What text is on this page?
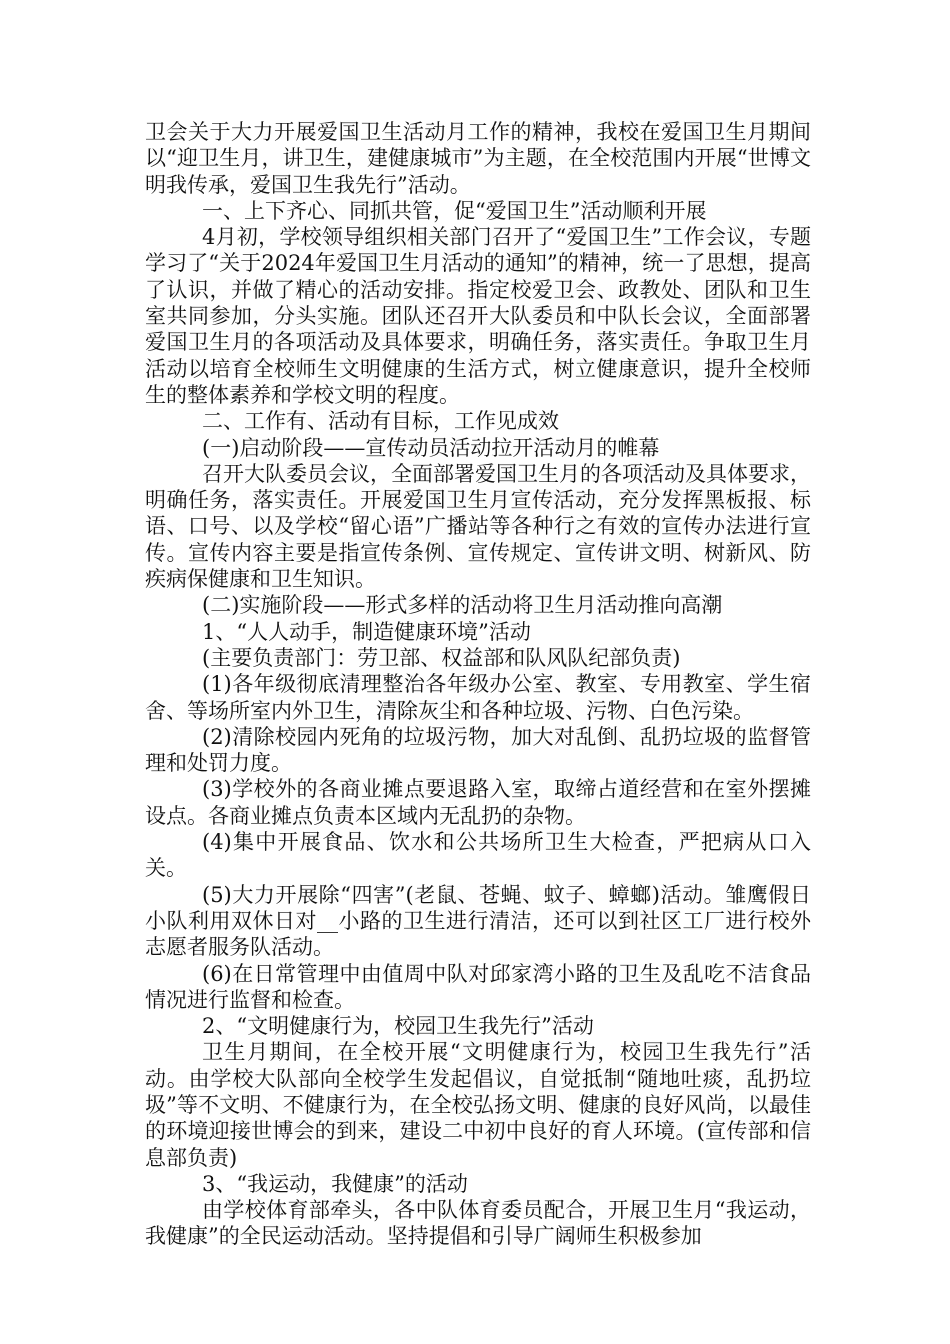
卫会关于大力开展爱国卫生活动月工作的精神，我校在爱国卫生月期间以“迎卫生月，讲卫生，建健康城市”为主题，在全校范围内开展“世博文明我传承，爱国卫生我先行”活动。

一、上下齐心、同抓共管，促“爱国卫生”活动顺利开展

4月初，学校领导组织相关部门召开了“爱国卫生”工作会议，专题学习了“关于2024年爱国卫生月活动的通知”的精神，统一了思想，提高了认识，并做了精心的活动安排。指定校爱卫会、政教处、团队和卫生室共同参加，分头实施。团队还召开大队委员和中队长会议，全面部署爱国卫生月的各项活动及具体要求，明确任务，落实责任。争取卫生月活动以培育全校师生文明健康的生活方式，树立健康意识，提升全校师生的整体素养和学校文明的程度。

二、工作有、活动有目标，工作见成效

(一)启动阶段——宣传动员活动拉开活动月的帷幕

召开大队委员会议，全面部署爱国卫生月的各项活动及具体要求，明确任务，落实责任。开展爱国卫生月宣传活动，充分发挥黑板报、标语、口号、以及学校“留心语”广播站等各种行之有效的宣传办法进行宣传。宣传内容主要是指宣传条例、宣传规定、宣传讲文明、树新风、防疾病保健康和卫生知识。

(二)实施阶段——形式多样的活动将卫生月活动推向高潮

1、“人人动手，制造健康环境”活动

(主要负责部门：劳卫部、权益部和队风队纪部负责)

(1)各年级彻底清理整治各年级办公室、教室、专用教室、学生宿舍、等场所室内外卫生，清除灰尘和各种垃圾、污物、白色污染。

(2)清除校园内死角的垃圾污物，加大对乱倒、乱扔垃圾的监督管理和处罚力度。

(3)学校外的各商业摊点要退路入室，取缔占道经营和在室外摆摊设点。各商业摊点负责本区域内无乱扔的杂物。

(4)集中开展食品、饮水和公共场所卫生大检查，严把病从口入关。

(5)大力开展除“四害”(老鼠、苍蝇、蚊子、蟑螂)活动。雏鹰假日小队利用双休日对__小路的卫生进行清洁，还可以到社区工厂进行校外志愿者服务队活动。

(6)在日常管理中由值周中队对邱家湾小路的卫生及乱吃不洁食品情况进行监督和检查。

2、“文明健康行为，校园卫生我先行”活动

卫生月期间，在全校开展“文明健康行为，校园卫生我先行”活动。由学校大队部向全校学生发起倡议，自觉抵制“随地吐痰，乱扔垃圾”等不文明、不健康行为，在全校弘扬文明、健康的良好风尚，以最佳的环境迎接世博会的到来，建设二中初中良好的育人环境。(宣传部和信息部负责)

3、“我运动，我健康”的活动

由学校体育部牵头，各中队体育委员配合，开展卫生月“我运动，我健康”的全民运动活动。坚持提倡和引导广阔师生积极参加
